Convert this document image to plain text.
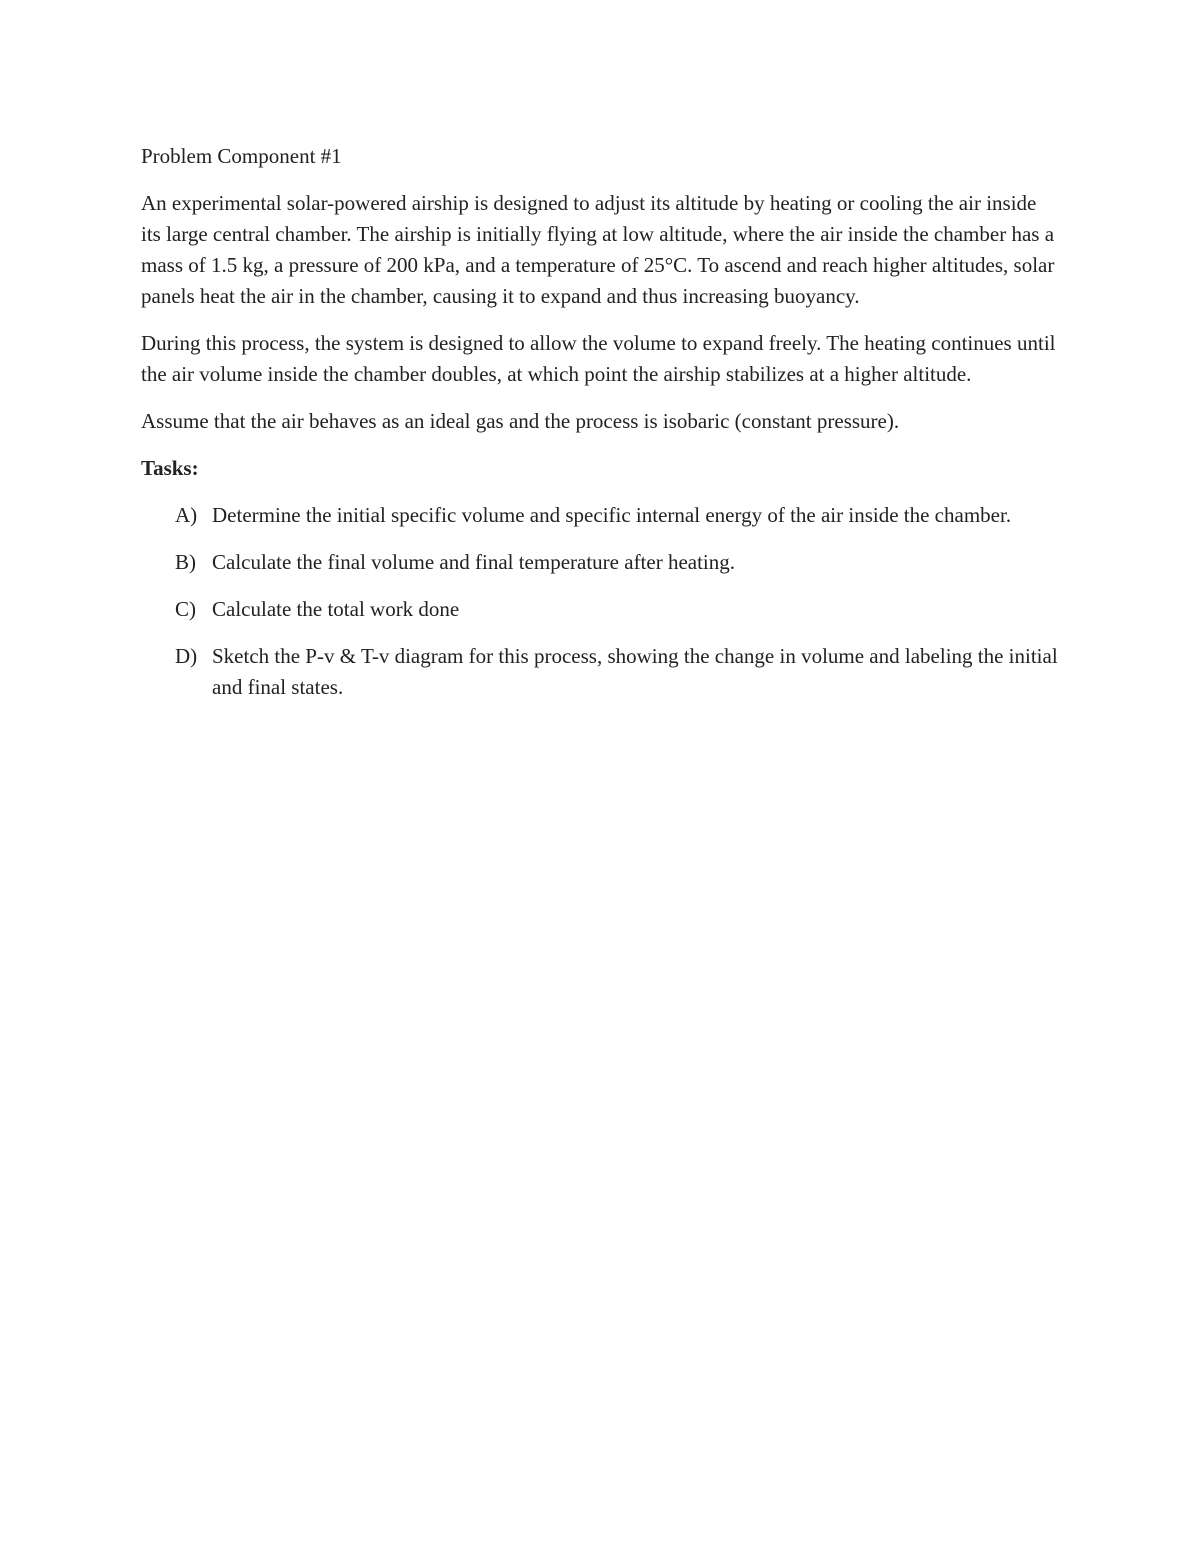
Problem Component #1

An experimental solar-powered airship is designed to adjust its altitude by heating or cooling the air inside its large central chamber. The airship is initially flying at low altitude, where the air inside the chamber has a mass of 1.5 kg, a pressure of 200 kPa, and a temperature of 25°C. To ascend and reach higher altitudes, solar panels heat the air in the chamber, causing it to expand and thus increasing buoyancy.

During this process, the system is designed to allow the volume to expand freely. The heating continues until the air volume inside the chamber doubles, at which point the airship stabilizes at a higher altitude.

Assume that the air behaves as an ideal gas and the process is isobaric (constant pressure).

Tasks:
A) Determine the initial specific volume and specific internal energy of the air inside the chamber.
B) Calculate the final volume and final temperature after heating.
C) Calculate the total work done
D) Sketch the P-v & T-v diagram for this process, showing the change in volume and labeling the initial and final states.
